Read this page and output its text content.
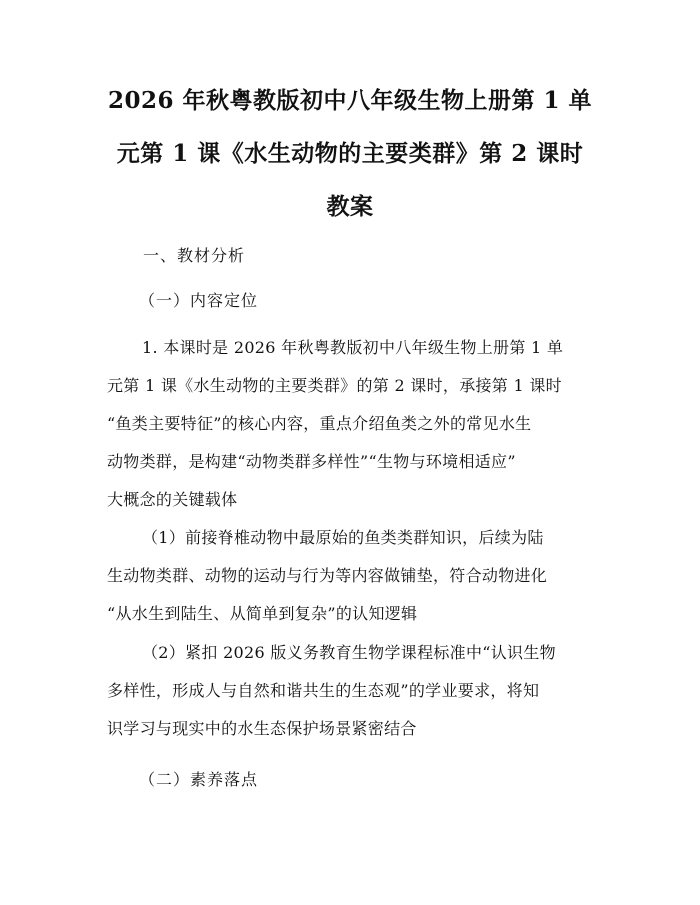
2026 年秋粤教版初中八年级生物上册第 1 单
元第 1 课《水生动物的主要类群》第 2 课时
教案
一、教材分析
（一）内容定位
1. 本课时是 2026 年秋粤教版初中八年级生物上册第 1 单
元第 1 课《水生动物的主要类群》的第 2 课时，承接第 1 课时
“鱼类主要特征”的核心内容，重点介绍鱼类之外的常见水生
动物类群，是构建“动物类群多样性”“生物与环境相适应”
大概念的关键载体
（1）前接脊椎动物中最原始的鱼类类群知识，后续为陆
生动物类群、动物的运动与行为等内容做铺垫，符合动物进化
“从水生到陆生、从简单到复杂”的认知逻辑
（2）紧扣 2026 版义务教育生物学课程标准中“认识生物
多样性，形成人与自然和谐共生的生态观”的学业要求，将知
识学习与现实中的水生态保护场景紧密结合
（二）素养落点
